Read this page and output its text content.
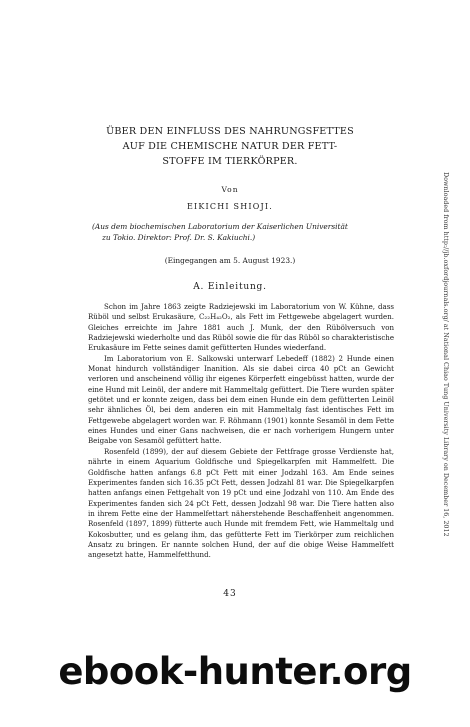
ÜBER DEN EINFLUSS DES NAHRUNGSFETTES
AUF DIE CHEMISCHE NATUR DER FETT-
STOFFE IM TIERKÖRPER.
Von
EIKICHI SHIOJI.
(Aus dem biochemischen Laboratorium der Kaiserlichen Universität
zu Tokio. Direktor: Prof. Dr. S. Kakiuchi.)
(Eingegangen am 5. August 1923.)
A. Einleitung.

Schon im Jahre 1863 zeigte Radziejewski im Laboratorium von W. Kühne, dass Rüböl und selbst Erukasäure, C₂₂H₄₂O₂, als Fett im Fettgewebe abgelagert wurden. Gleiches erreichte im Jahre 1881 auch J. Munk, der den Rübölversuch von Radziejewski wiederholte und das Rüböl sowie die für das Rüböl so charakteristische Erukasäure im Fette seines damit gefütterten Hundes wiederfand.

Im Laboratorium von E. Salkowski unterwarf Lebedeff (1882) 2 Hunde einen Monat hindurch vollständiger Inanition. Als sie dabei circa 40 pCt an Gewicht verloren und anscheinend völlig ihr eigenes Körperfett eingebüsst hatten, wurde der eine Hund mit Leinöl, der andere mit Hammeltalg gefüttert. Die Tiere wurden später getötet und er konnte zeigen, dass bei dem einen Hunde ein dem gefütterten Leinöl sehr ähnliches Öl, bei dem anderen ein mit Hammeltalg fast identisches Fett im Fettgewebe abgelagert worden war. F. Röhmann (1901) konnte Sesamöl in dem Fette eines Hundes und einer Gans nachweisen, die er nach vorherigem Hungern unter Beigabe von Sesamöl gefüttert hatte.

Rosenfeld (1899), der auf diesem Gebiete der Fettfrage grosse Verdienste hat, nährte in einem Aquarium Goldfische und Spiegelkarpfen mit Hammelfett. Die Goldfische hatten anfangs 6.8 pCt Fett mit einer Jodzahl 163. Am Ende seines Experimentes fanden sich 16.35 pCt Fett, dessen Jodzahl 81 war. Die Spiegelkarpfen hatten anfangs einen Fettgehalt von 19 pCt und eine Jodzahl von 110. Am Ende des Experimentes fanden sich 24 pCt Fett, dessen Jodzahl 98 war. Die Tiere hatten also in ihrem Fette eine der Hammelfettart näherstehende Beschaffenheit angenommen. Rosenfeld (1897, 1899) fütterte auch Hunde mit fremdem Fett, wie Hammeltalg und Kokosbutter, und es gelang ihm, das gefütterte Fett im Tierkörper zum reichlichen Ansatz zu bringen. Er nannte solchen Hund, der auf die obige Weise Hammelfett angesetzt hatte, Hammelfetthund.

43
Downloaded from http://jb.oxfordjournals.org/ at National Chiao Tung University Library on December 16, 2012
ebook-hunter.org
